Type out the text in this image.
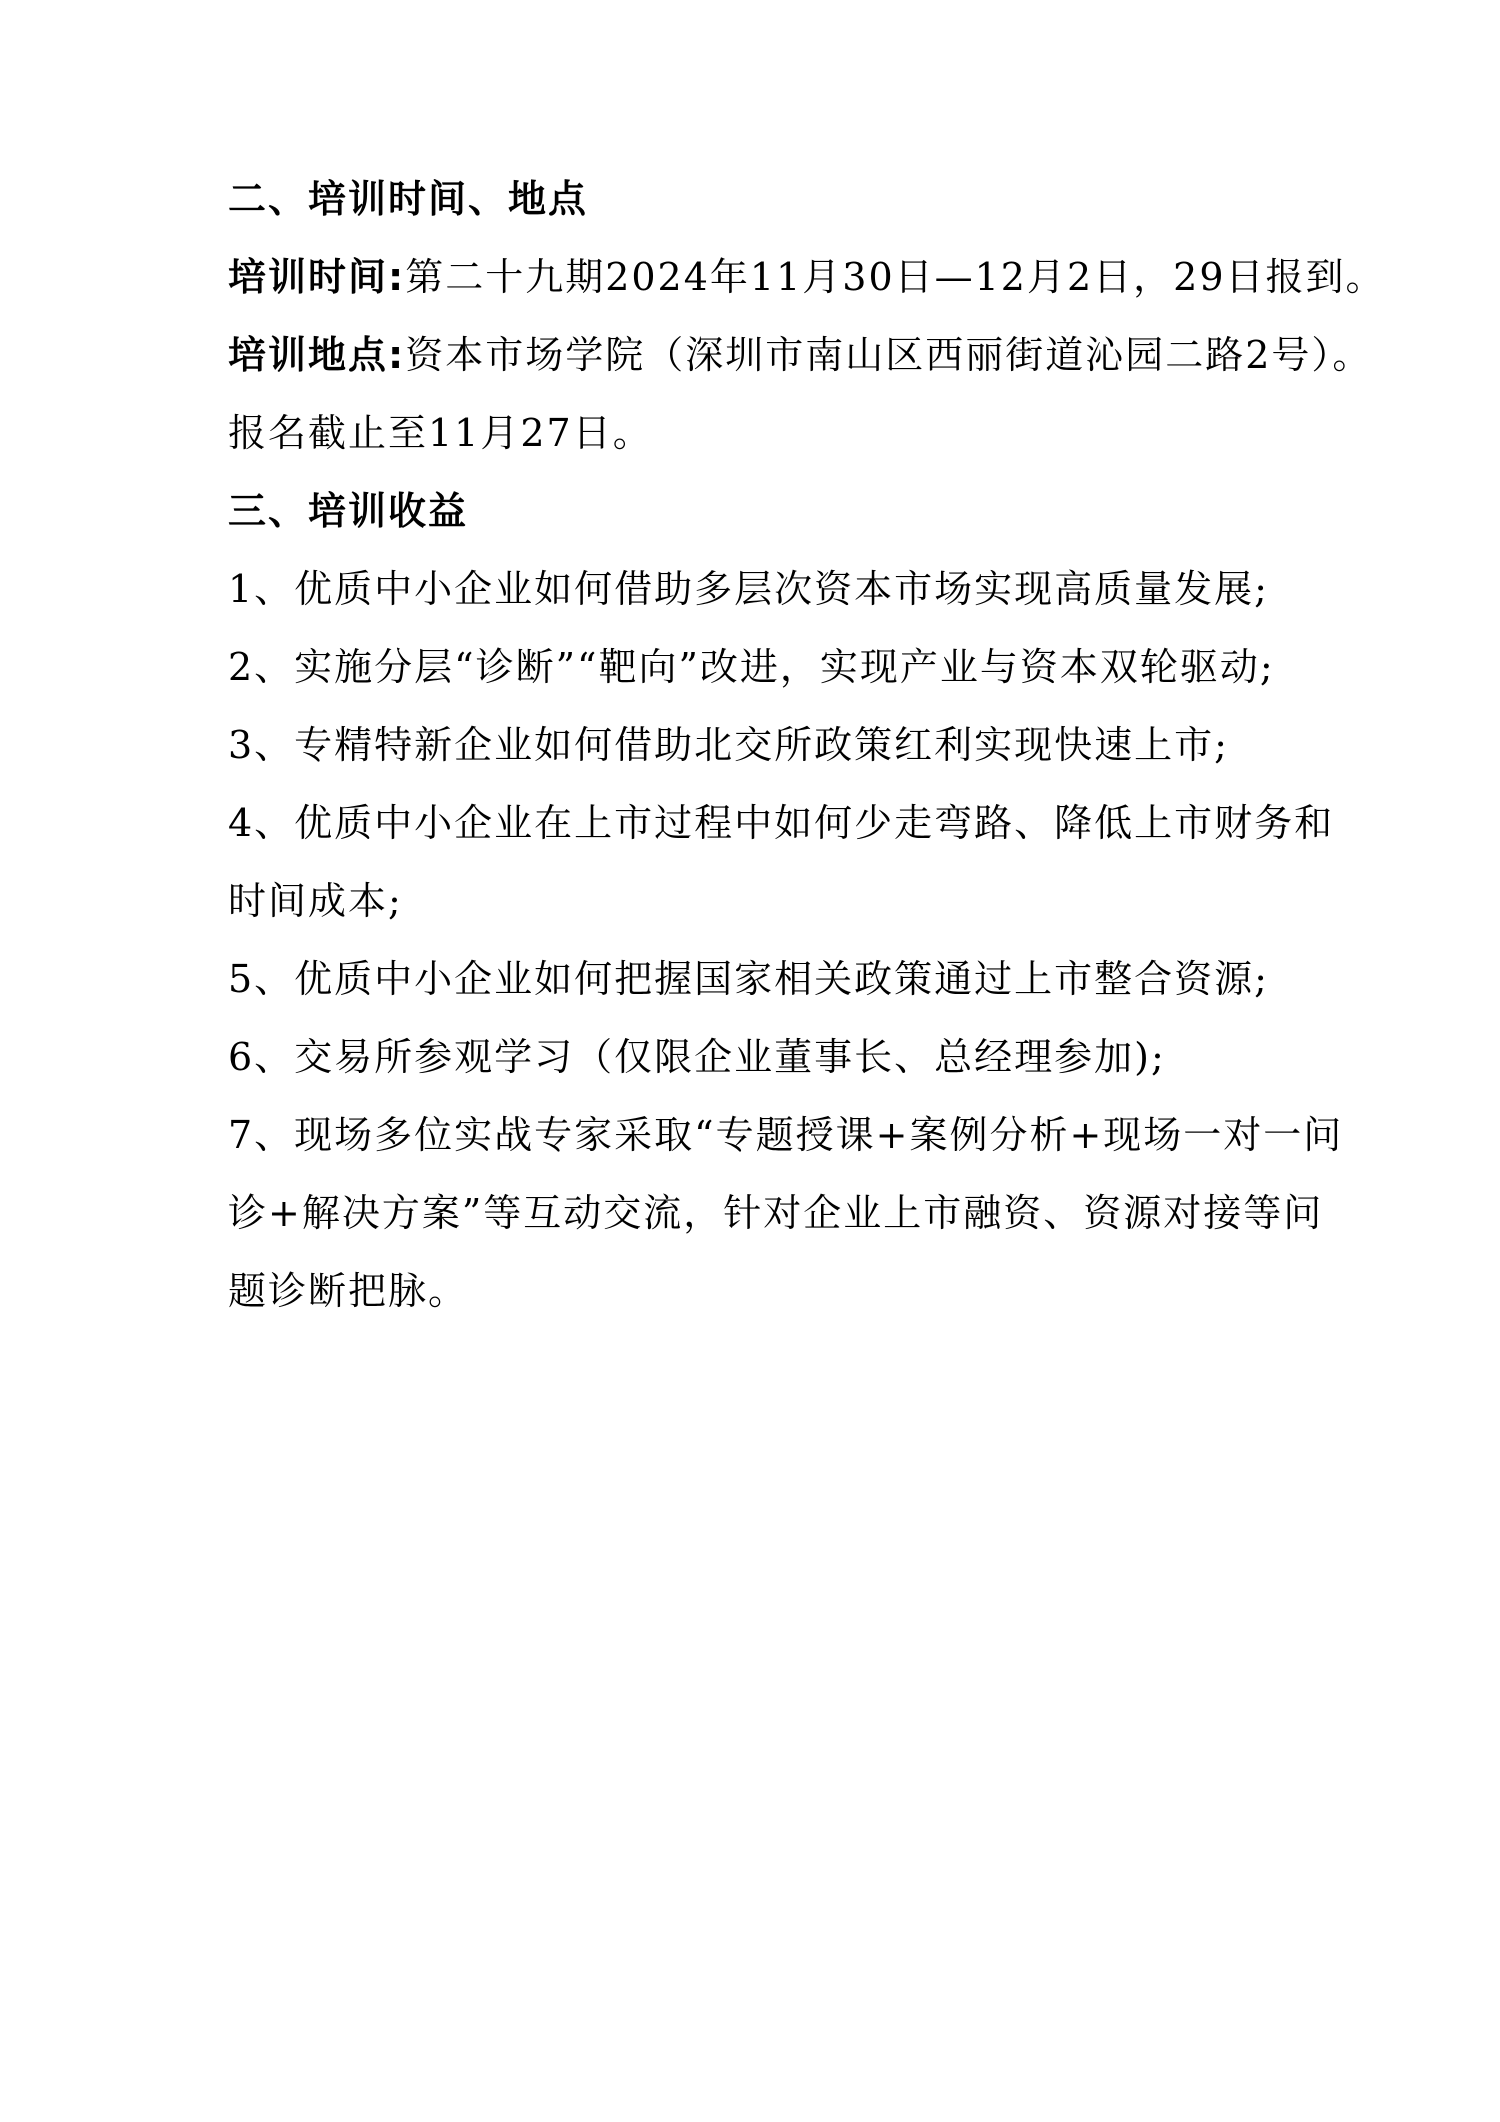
二、培训时间、地点
培训时间:第二十九期2024年11月30日—12月2日，29日报到。
培训地点:资本市场学院（深圳市南山区西丽街道沁园二路2号）。
报名截止至11月27日。
三、培训收益
1、优质中小企业如何借助多层次资本市场实现高质量发展;
2、实施分层“诊断”“靶向”改进，实现产业与资本双轮驱动;
3、专精特新企业如何借助北交所政策红利实现快速上市;
4、优质中小企业在上市过程中如何少走弯路、降低上市财务和
时间成本;
5、优质中小企业如何把握国家相关政策通过上市整合资源;
6、交易所参观学习（仅限企业董事长、总经理参加);
7、现场多位实战专家采取“专题授课+案例分析+现场一对一问
诊+解决方案”等互动交流，针对企业上市融资、资源对接等问
题诊断把脉。
